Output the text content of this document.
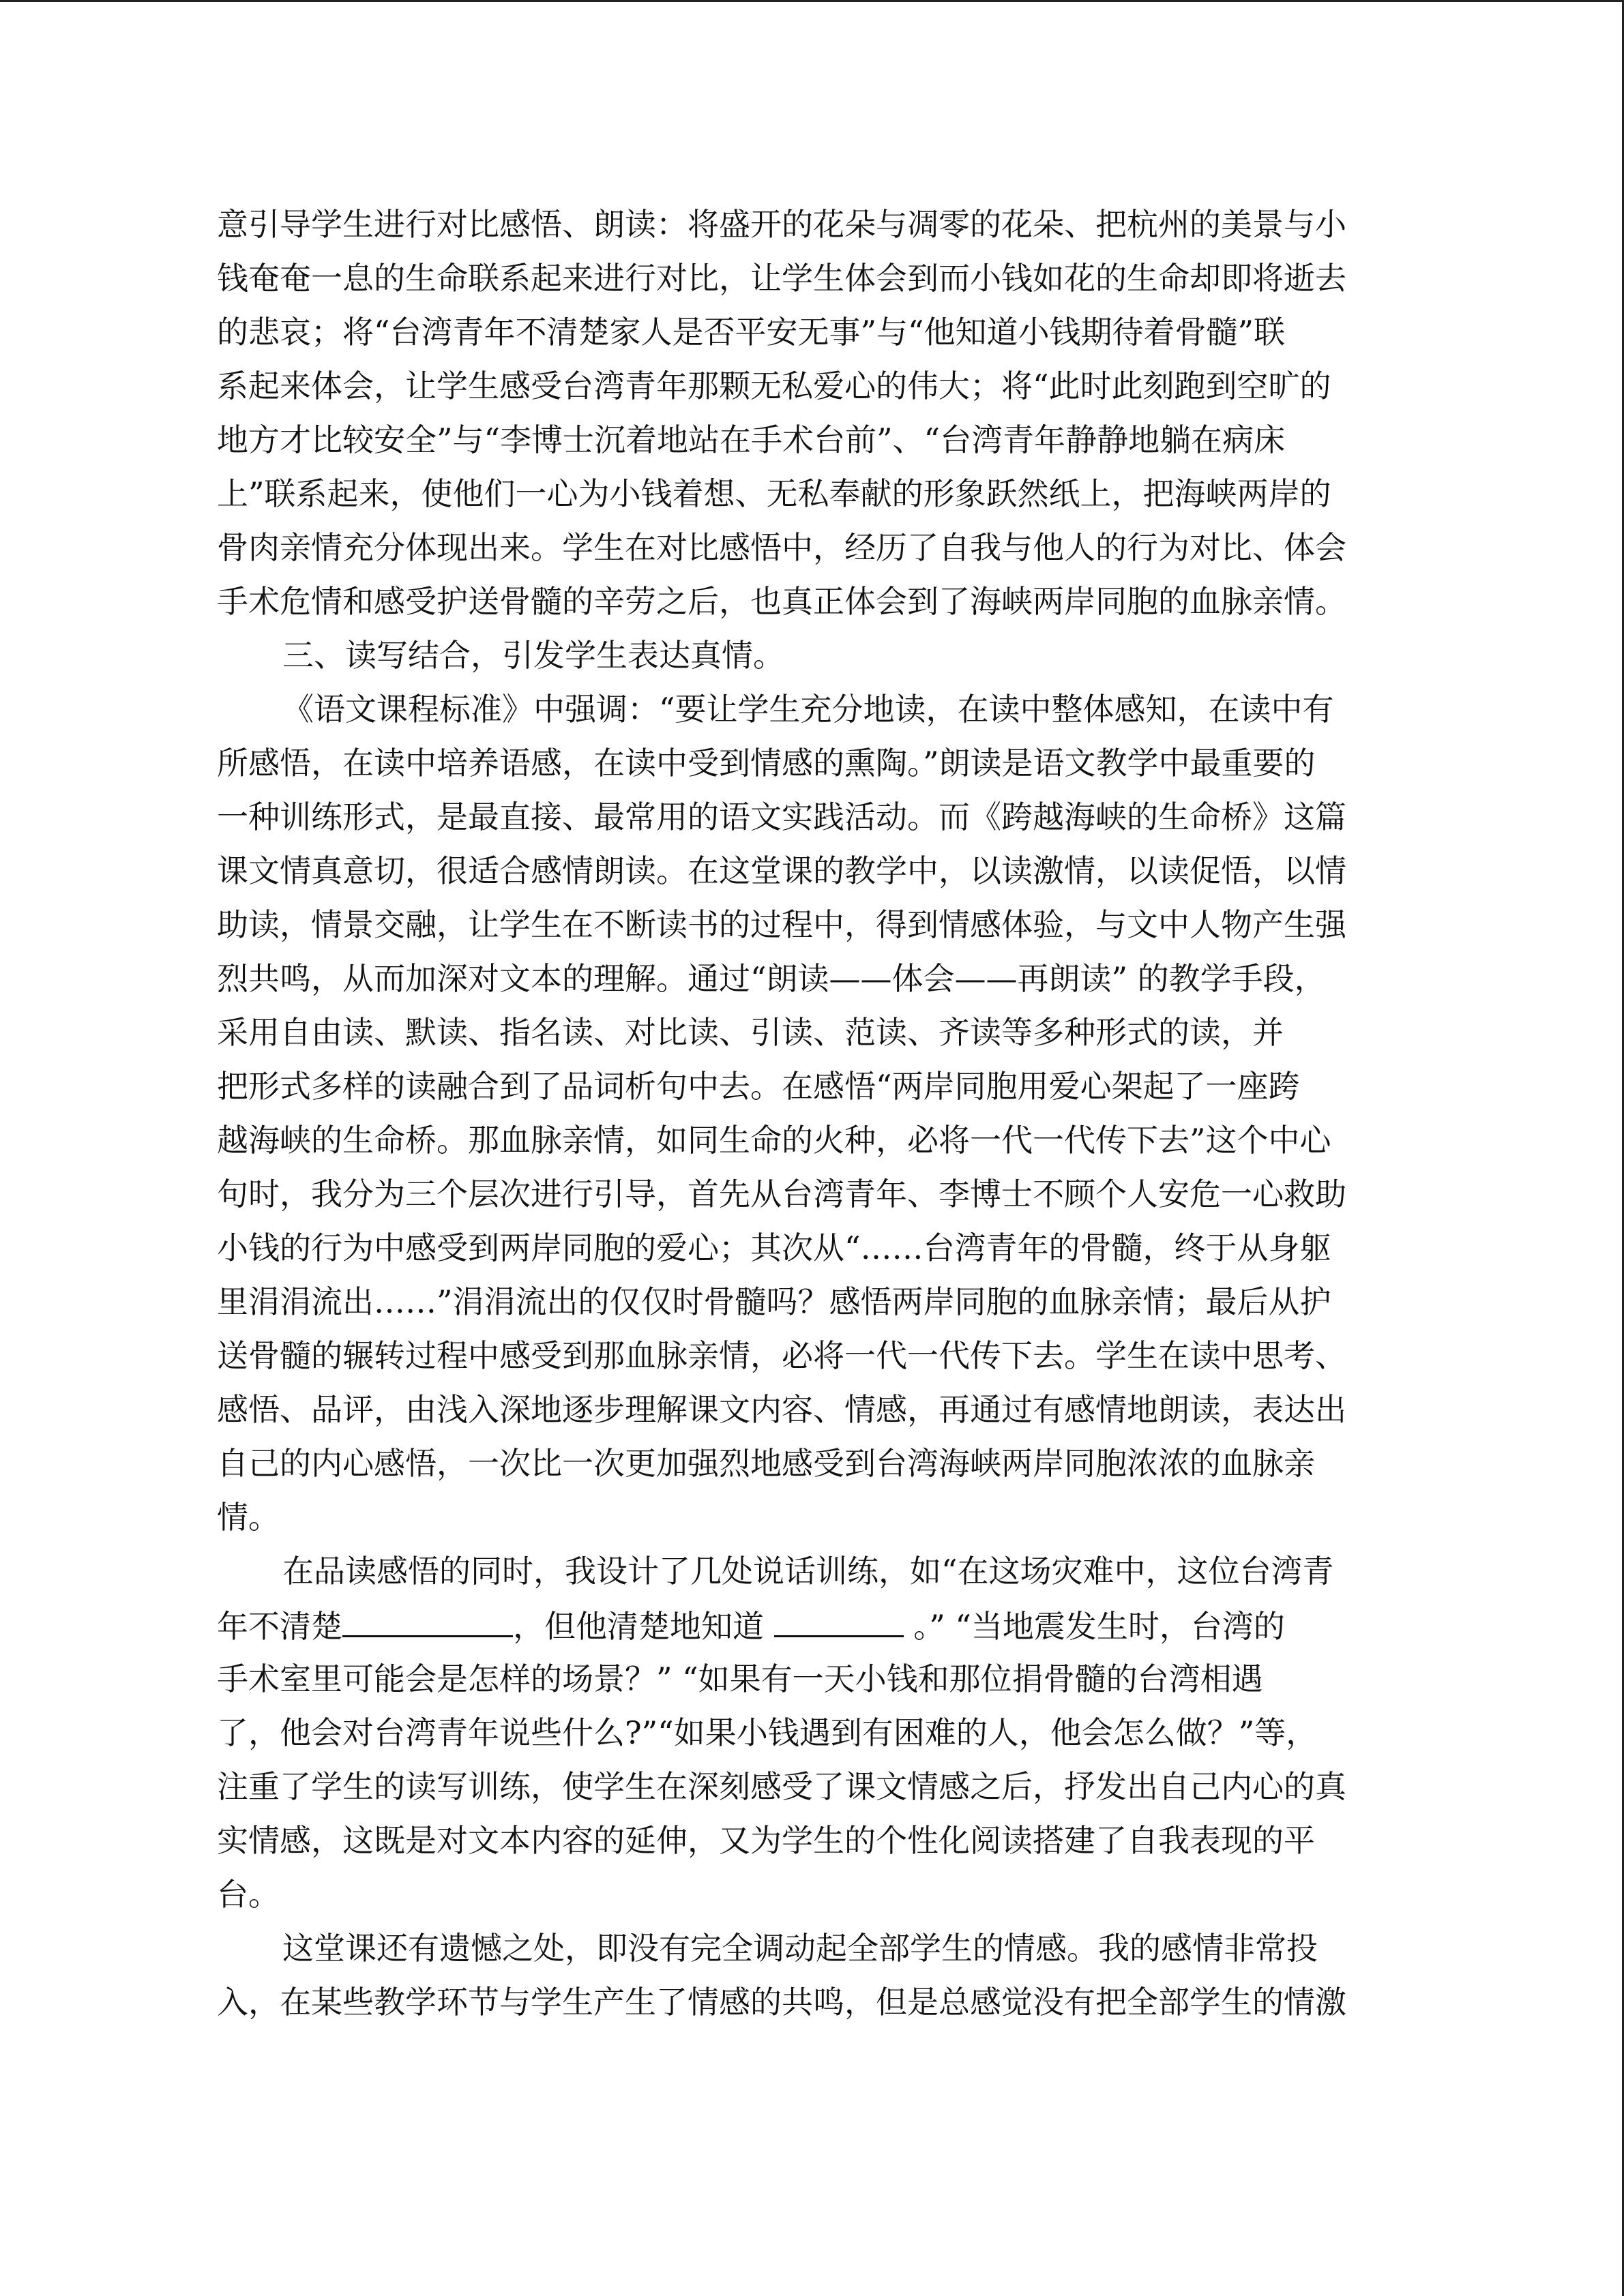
意引导学生进行对比感悟、朗读：将盛开的花朵与凋零的花朵、把杭州的美景与小
钱奄奄一息的生命联系起来进行对比，让学生体会到而小钱如花的生命却即将逝去
的悲哀；将“台湾青年不清楚家人是否平安无事”与“他知道小钱期待着骨髓”联
系起来体会，让学生感受台湾青年那颗无私爱心的伟大；将“此时此刻跑到空旷的
地方才比较安全”与“李博士沉着地站在手术台前”、“台湾青年静静地躺在病床
上”联系起来，使他们一心为小钱着想、无私奉献的形象跃然纸上，把海峡两岸的
骨肉亲情充分体现出来。学生在对比感悟中，经历了自我与他人的行为对比、体会
手术危情和感受护送骨髓的辛劳之后，也真正体会到了海峡两岸同胞的血脉亲情。
三、读写结合，引发学生表达真情。
《语文课程标准》中强调：“要让学生充分地读，在读中整体感知，在读中有
所感悟，在读中培养语感，在读中受到情感的熏陶。”朗读是语文教学中最重要的
一种训练形式，是最直接、最常用的语文实践活动。而《跨越海峡的生命桥》这篇
课文情真意切，很适合感情朗读。在这堂课的教学中，以读激情，以读促悟，以情
助读，情景交融，让学生在不断读书的过程中，得到情感体验，与文中人物产生强
烈共鸣，从而加深对文本的理解。通过“朗读——体会——再朗读” 的教学手段，
采用自由读、默读、指名读、对比读、引读、范读、齐读等多种形式的读，并
把形式多样的读融合到了品词析句中去。在感悟“两岸同胞用爱心架起了一座跨
越海峡的生命桥。那血脉亲情，如同生命的火种，必将一代一代传下去”这个中心
句时，我分为三个层次进行引导，首先从台湾青年、李博士不顾个人安危一心救助
小钱的行为中感受到两岸同胞的爱心；其次从“……台湾青年的骨髓，终于从身躯
里涓涓流出……”涓涓流出的仅仅时骨髓吗？感悟两岸同胞的血脉亲情；最后从护
送骨髓的辗转过程中感受到那血脉亲情，必将一代一代传下去。学生在读中思考、
感悟、品评，由浅入深地逐步理解课文内容、情感，再通过有感情地朗读，表达出
自己的内心感悟，一次比一次更加强烈地感受到台湾海峡两岸同胞浓浓的血脉亲
情。
在品读感悟的同时，我设计了几处说话训练，如“在这场灾难中，这位台湾青
年不清楚	，但他清楚地知道	。” “当地震发生时，台湾的
手术室里可能会是怎样的场景？” “如果有一天小钱和那位捐骨髓的台湾相遇
了，他会对台湾青年说些什么?”“如果小钱遇到有困难的人，他会怎么做？”等，
注重了学生的读写训练，使学生在深刻感受了课文情感之后，抒发出自己内心的真
实情感，这既是对文本内容的延伸，又为学生的个性化阅读搭建了自我表现的平
台。
这堂课还有遗憾之处，即没有完全调动起全部学生的情感。我的感情非常投
入，在某些教学环节与学生产生了情感的共鸣，但是总感觉没有把全部学生的情激
